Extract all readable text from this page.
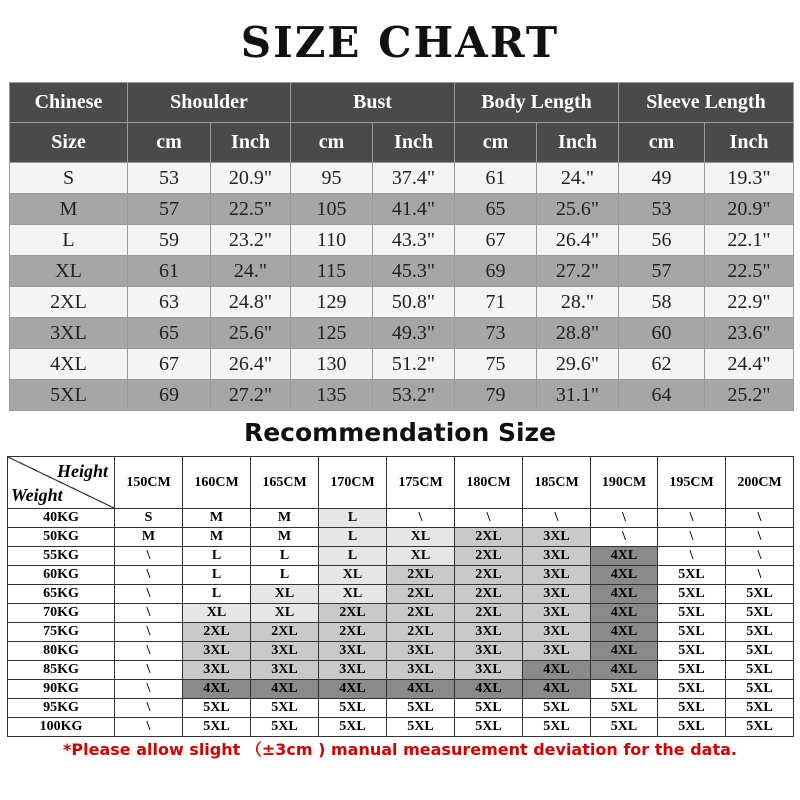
SIZE CHART
Chinese	Shoulder		Bust		Body Length		Sleeve Length	
Size	cm	Inch	cm	Inch	cm	Inch	cm	Inch
S	53	20.9"	95	37.4"	61	24."	49	19.3"
M	57	22.5"	105	41.4"	65	25.6"	53	20.9"
L	59	23.2"	110	43.3"	67	26.4"	56	22.1"
XL	61	24."	115	45.3"	69	27.2"	57	22.5"
2XL	63	24.8"	129	50.8"	71	28."	58	22.9"
3XL	65	25.6"	125	49.3"	73	28.8"	60	23.6"
4XL	67	26.4"	130	51.2"	75	29.6"	62	24.4"
5XL	69	27.2"	135	53.2"	79	31.1"	64	25.2"
Recommendation Size
Height
Weight	150CM	160CM	165CM	170CM	175CM	180CM	185CM	190CM	195CM	200CM
40KG	S	M	M	L	\	\	\	\	\	\
50KG	M	M	M	L	XL	2XL	3XL	\	\	\
55KG	\	L	L	L	XL	2XL	3XL	4XL	\	\
60KG	\	L	L	XL	2XL	2XL	3XL	4XL	5XL	\
65KG	\	L	XL	XL	2XL	2XL	3XL	4XL	5XL	5XL
70KG	\	XL	XL	2XL	2XL	2XL	3XL	4XL	5XL	5XL
75KG	\	2XL	2XL	2XL	2XL	3XL	3XL	4XL	5XL	5XL
80KG	\	3XL	3XL	3XL	3XL	3XL	3XL	4XL	5XL	5XL
85KG	\	3XL	3XL	3XL	3XL	3XL	4XL	4XL	5XL	5XL
90KG	\	4XL	4XL	4XL	4XL	4XL	4XL	5XL	5XL	5XL
95KG	\	5XL	5XL	5XL	5XL	5XL	5XL	5XL	5XL	5XL
100KG	\	5XL	5XL	5XL	5XL	5XL	5XL	5XL	5XL	5XL
*Please allow slight （±3cm ) manual measurement deviation for the data.
